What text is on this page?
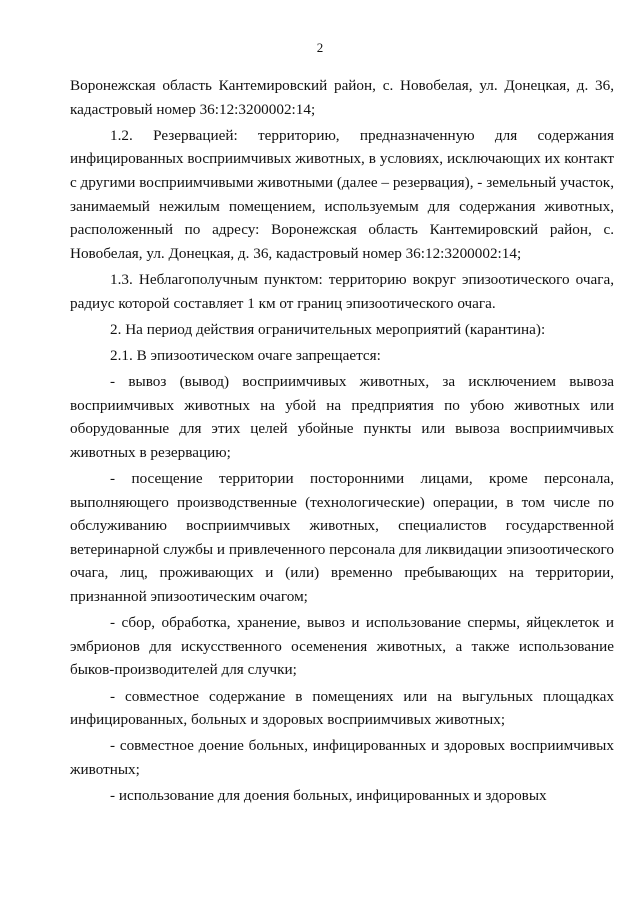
2

Воронежская область Кантемировский район, с. Новобелая, ул. Донецкая, д. 36, кадастровый номер 36:12:3200002:14;

1.2. Резервацией: территорию, предназначенную для содержания инфицированных восприимчивых животных, в условиях, исключающих их контакт с другими восприимчивыми животными (далее – резервация), - земельный участок, занимаемый нежилым помещением, используемым для содержания животных, расположенный по адресу: Воронежская область Кантемировский район, с. Новобелая, ул. Донецкая, д. 36, кадастровый номер 36:12:3200002:14;

1.3. Неблагополучным пунктом: территорию вокруг эпизоотического очага, радиус которой составляет 1 км от границ эпизоотического очага.

2. На период действия ограничительных мероприятий (карантина):

2.1. В эпизоотическом очаге запрещается:

- вывоз (вывод) восприимчивых животных, за исключением вывоза восприимчивых животных на убой на предприятия по убою животных или оборудованные для этих целей убойные пункты или вывоза восприимчивых животных в резервацию;

- посещение территории посторонними лицами, кроме персонала, выполняющего производственные (технологические) операции, в том числе по обслуживанию восприимчивых животных, специалистов государственной ветеринарной службы и привлеченного персонала для ликвидации эпизоотического очага, лиц, проживающих и (или) временно пребывающих на территории, признанной эпизоотическим очагом;

- сбор, обработка, хранение, вывоз и использование спермы, яйцеклеток и эмбрионов для искусственного осеменения животных, а также использование быков-производителей для случки;

- совместное содержание в помещениях или на выгульных площадках инфицированных, больных и здоровых восприимчивых животных;

- совместное доение больных, инфицированных и здоровых восприимчивых животных;

- использование для доения больных, инфицированных и здоровых
